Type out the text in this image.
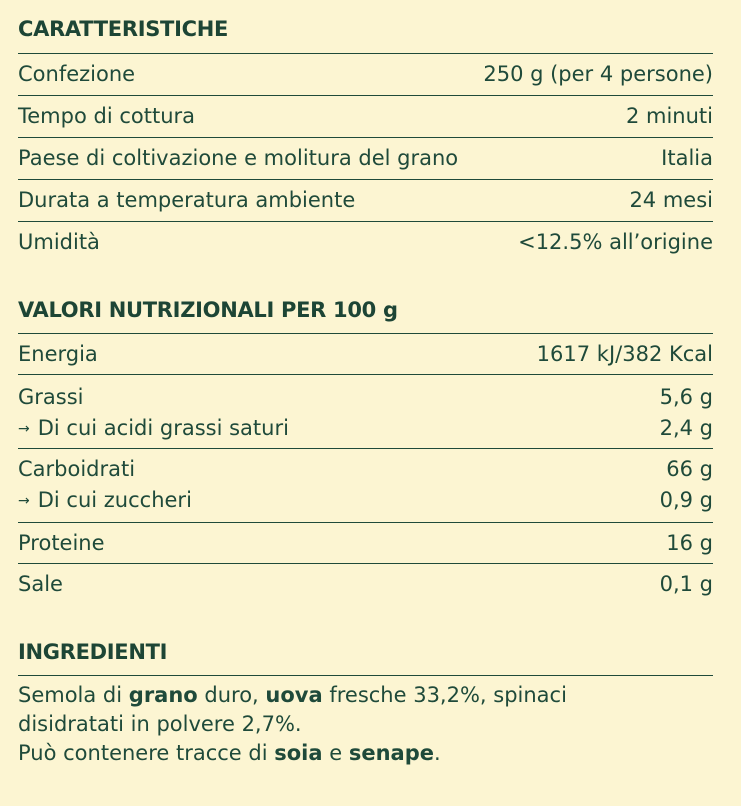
CARATTERISTICHE
Confezione	250 g (per 4 persone)
Tempo di cottura	2 minuti
Paese di coltivazione e molitura del grano	Italia
Durata a temperatura ambiente	24 mesi
Umidità	<12.5% all’origine
VALORI NUTRIZIONALI PER 100 g
Energia	1617 kJ/382 Kcal
Grassi	5,6 g
→ Di cui acidi grassi saturi	2,4 g
Carboidrati	66 g
→ Di cui zuccheri	0,9 g
Proteine	16 g
Sale	0,1 g
INGREDIENTI
Semola di grano duro, uova fresche 33,2%, spinaci
disidratati in polvere 2,7%.
Può contenere tracce di soia e senape.
